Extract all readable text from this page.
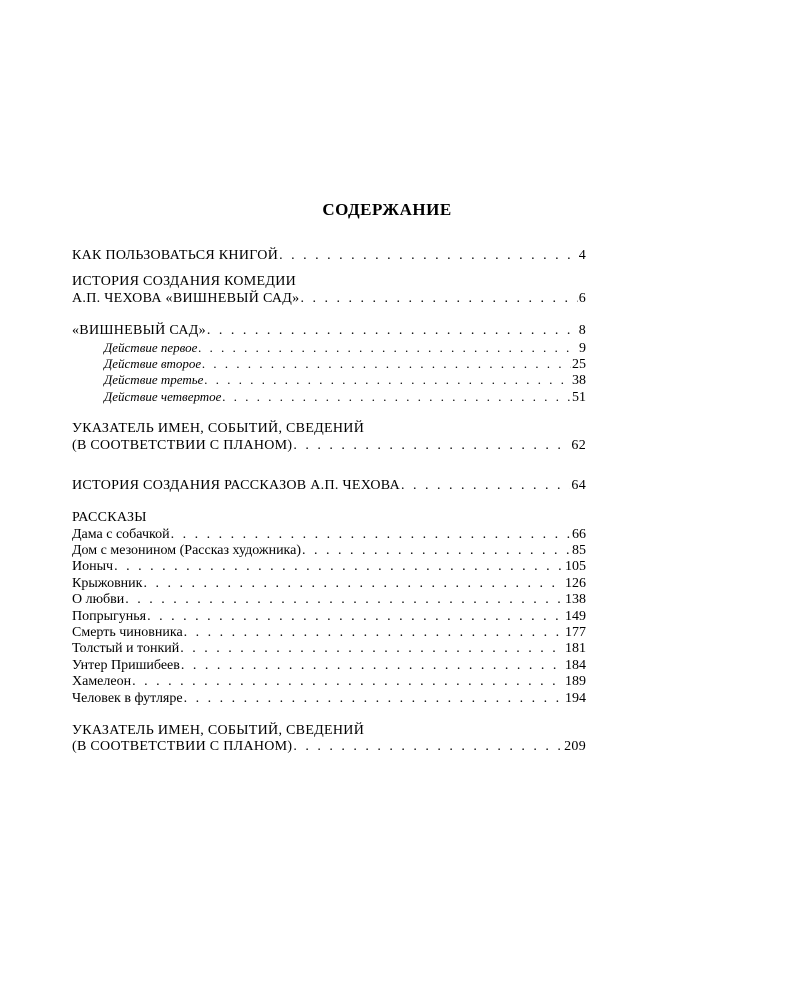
СОДЕРЖАНИЕ
КАК ПОЛЬЗОВАТЬСЯ КНИГОЙ . . .	4
ИСТОРИЯ СОЗДАНИЯ КОМЕДИИ
А.П. ЧЕХОВА «ВИШНЕВЫЙ САД» . . .	6
«ВИШНЕВЫЙ САД» . . .	8
Действие первое . . .	9
Действие второе . . .	25
Действие третье . . .	38
Действие четвертое . . .	51
УКАЗАТЕЛЬ ИМЕН, СОБЫТИЙ, СВЕДЕНИЙ
(В СООТВЕТСТВИИ С ПЛАНОМ) . . .	62
ИСТОРИЯ СОЗДАНИЯ РАССКАЗОВ А.П. ЧЕХОВА . . .	64
РАССКАЗЫ
Дама с собачкой . . .	66
Дом с мезонином (Рассказ художника) . . .	85
Ионыч . . .	105
Крыжовник . . .	126
О любви . . .	138
Попрыгунья . . .	149
Смерть чиновника . . .	177
Толстый и тонкий . . .	181
Унтер Пришибеев . . .	184
Хамелеон . . .	189
Человек в футляре . . .	194
УКАЗАТЕЛЬ ИМЕН, СОБЫТИЙ, СВЕДЕНИЙ
(В СООТВЕТСТВИИ С ПЛАНОМ) . . .	209
